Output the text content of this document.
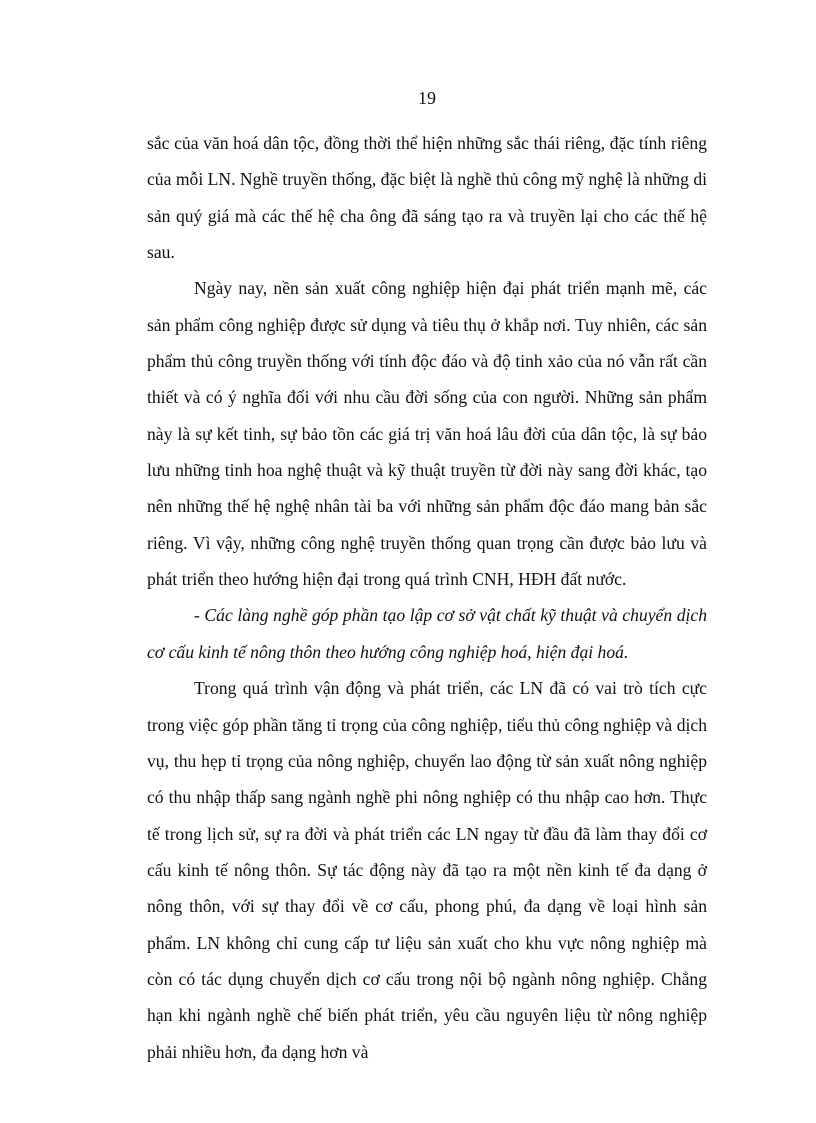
19

sắc của văn hoá dân tộc, đồng thời thể hiện những sắc thái riêng, đặc tính riêng của mỗi LN. Nghề truyền thống, đặc biệt là nghề thủ công mỹ nghệ là những di sản quý giá mà các thế hệ cha ông đã sáng tạo ra và truyền lại cho các thế hệ sau.

Ngày nay, nền sản xuất công nghiệp hiện đại phát triển mạnh mẽ, các sản phẩm công nghiệp được sử dụng và tiêu thụ ở khắp nơi. Tuy nhiên, các sản phẩm thủ công truyền thống với tính độc đáo và độ tinh xảo của nó vẫn rất cần thiết và có ý nghĩa đối với nhu cầu đời sống của con người. Những sản phẩm này là sự kết tinh, sự bảo tồn các giá trị văn hoá lâu đời của dân tộc, là sự bảo lưu những tinh hoa nghệ thuật và kỹ thuật truyền từ đời này sang đời khác, tạo nên những thế hệ nghệ nhân tài ba với những sản phẩm độc đáo mang bản sắc riêng. Vì vậy, những công nghệ truyền thống quan trọng cần được bảo lưu và phát triển theo hướng hiện đại trong quá trình CNH, HĐH đất nước.

- Các làng nghề góp phần tạo lập cơ sở vật chất kỹ thuật và chuyển dịch cơ cấu kinh tế nông thôn theo hướng công nghiệp hoá, hiện đại hoá.

Trong quá trình vận động và phát triển, các LN đã có vai trò tích cực trong việc góp phần tăng tỉ trọng của công nghiệp, tiểu thủ công nghiệp và dịch vụ, thu hẹp tỉ trọng của nông nghiệp, chuyển lao động từ sản xuất nông nghiệp có thu nhập thấp sang ngành nghề phi nông nghiệp có thu nhập cao hơn. Thực tế trong lịch sử, sự ra đời và phát triển các LN ngay từ đầu đã làm thay đổi cơ cấu kinh tế nông thôn. Sự tác động này đã tạo ra một nền kinh tế đa dạng ở nông thôn, với sự thay đổi về cơ cấu, phong phú, đa dạng về loại hình sản phẩm. LN không chỉ cung cấp tư liệu sản xuất cho khu vực nông nghiệp mà còn có tác dụng chuyển dịch cơ cấu trong nội bộ ngành nông nghiệp. Chẳng hạn khi ngành nghề chế biến phát triển, yêu cầu nguyên liệu từ nông nghiệp phải nhiều hơn, đa dạng hơn và
